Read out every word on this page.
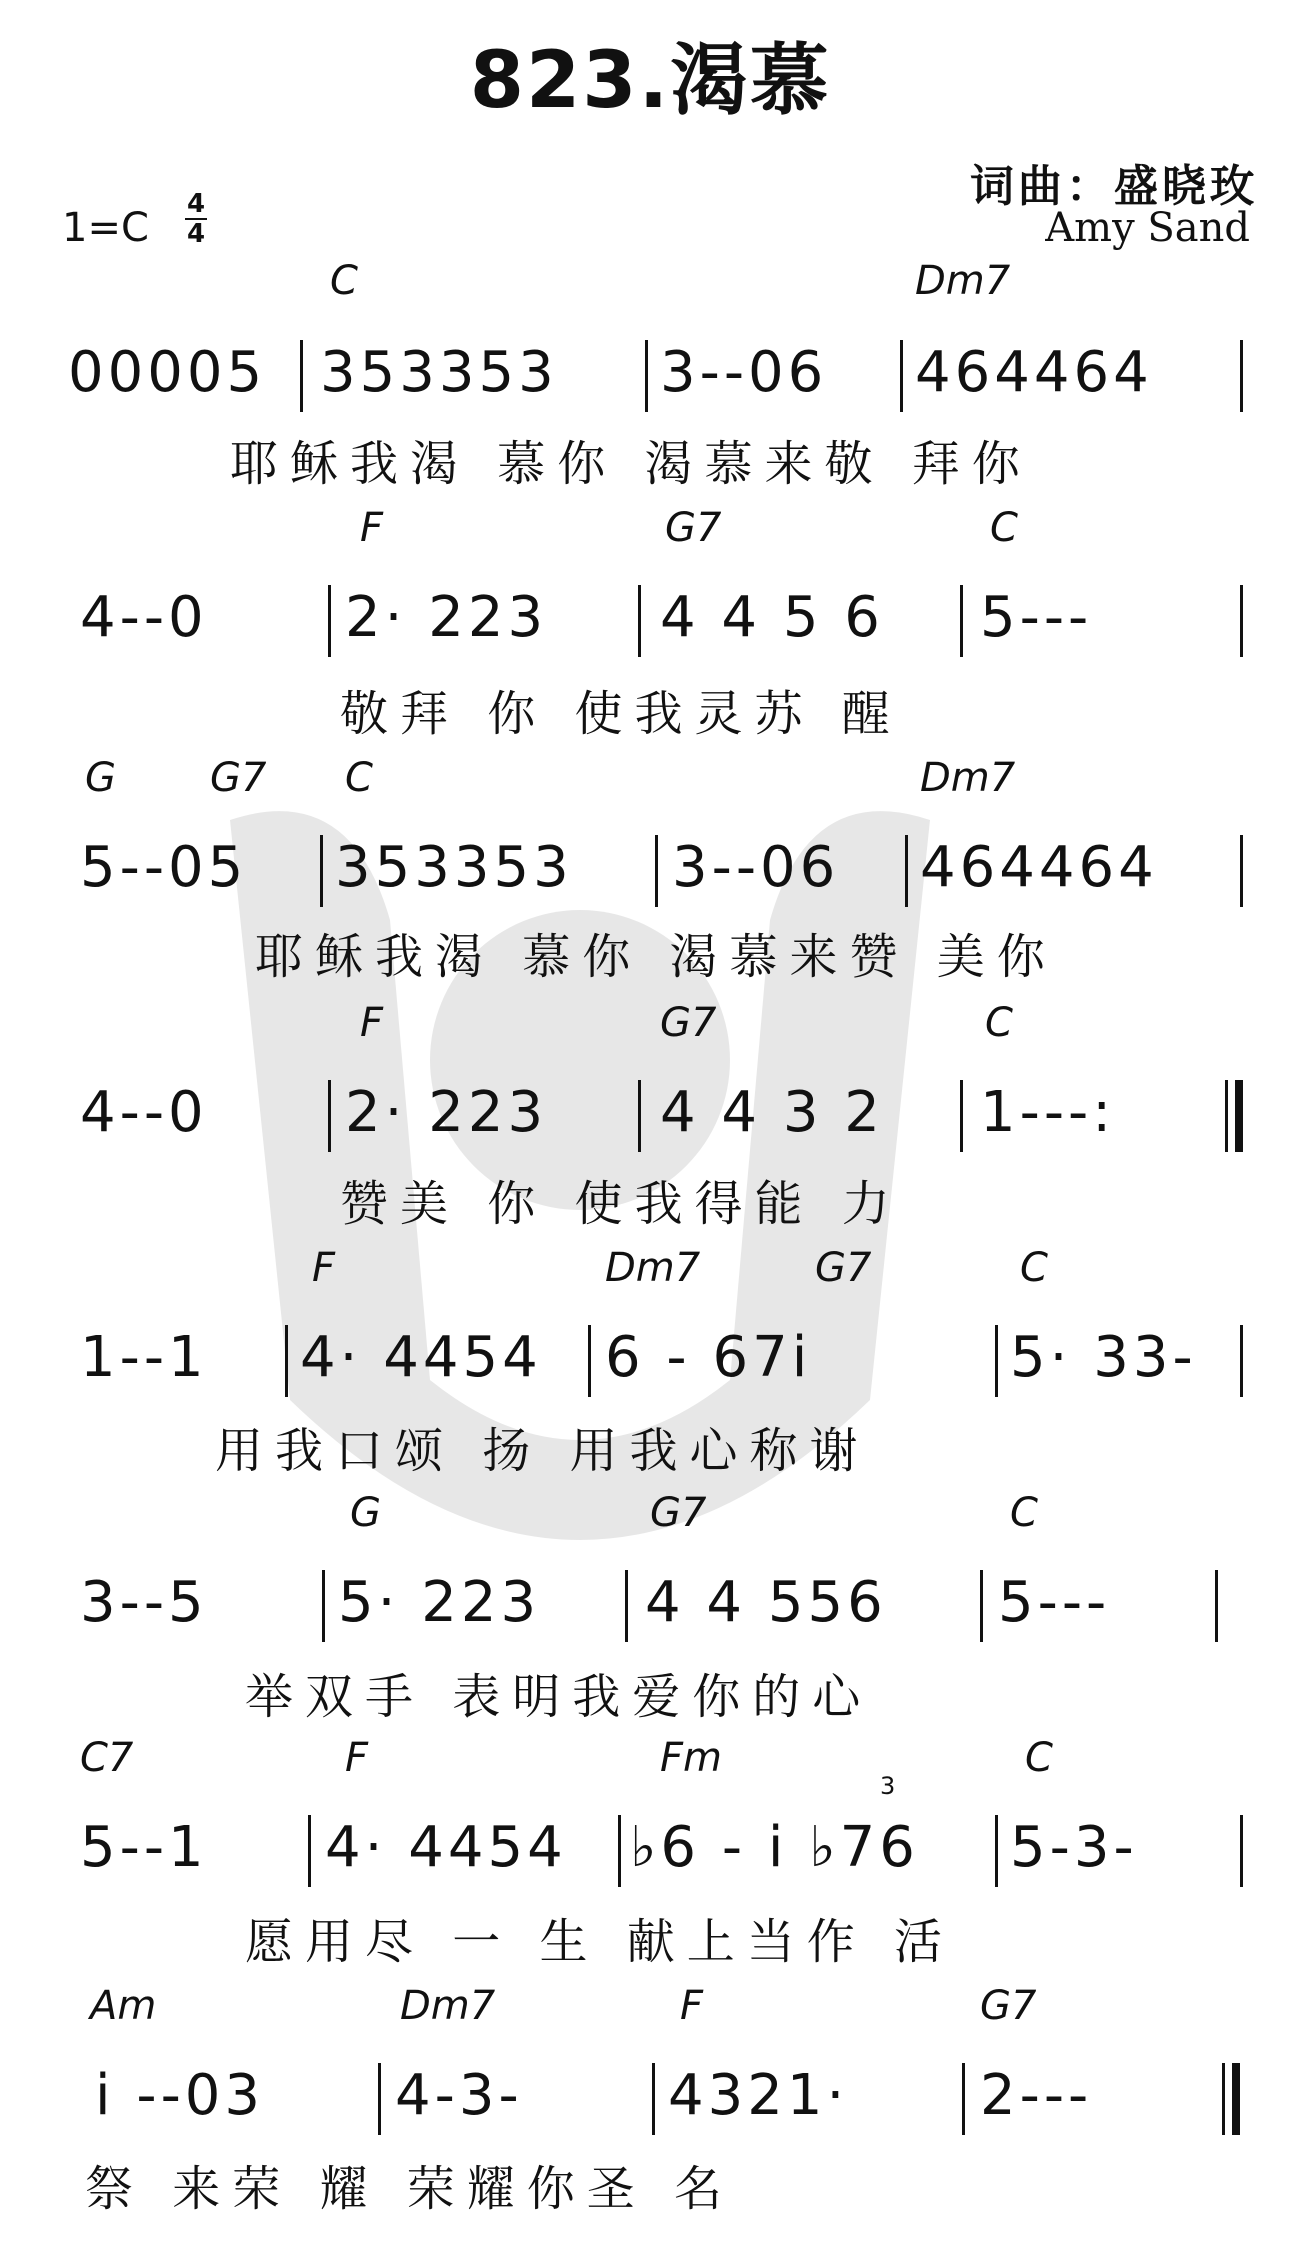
823.渴慕
词曲：盛晓玫
Amy Sand
1=C
4
4
C	Dm7
00005 353353 3--06 464464
耶稣我渴 慕你 渴慕来敬 拜你
F	G7	C
4--0 2· 223 4 4 5 6 5---
敬拜 你 使我灵苏 醒
G G7 C	Dm7
5--05 353353 3--06 464464
耶稣我渴 慕你 渴慕来赞 美你
F	G7	C
4--0 2· 223 4 4 3 2 1---:
赞美 你 使我得能 力
F	Dm7	G7	C
1--1 4· 4454 6 - 67i	5· 33-
用我口颂 扬 用我心称谢
G	G7	C
3--5 5· 223 4 4 556 5---
举双手 表明我爱你的心
C7	F	Fm	C
3
5--1 4· 4454 ♭6 - i ♭76 5-3-
愿用尽 一 生 献上当作 活
Am	Dm7	F	G7
i --03 4-3-	4321· 2---
祭 来荣 耀 荣耀你圣 名
